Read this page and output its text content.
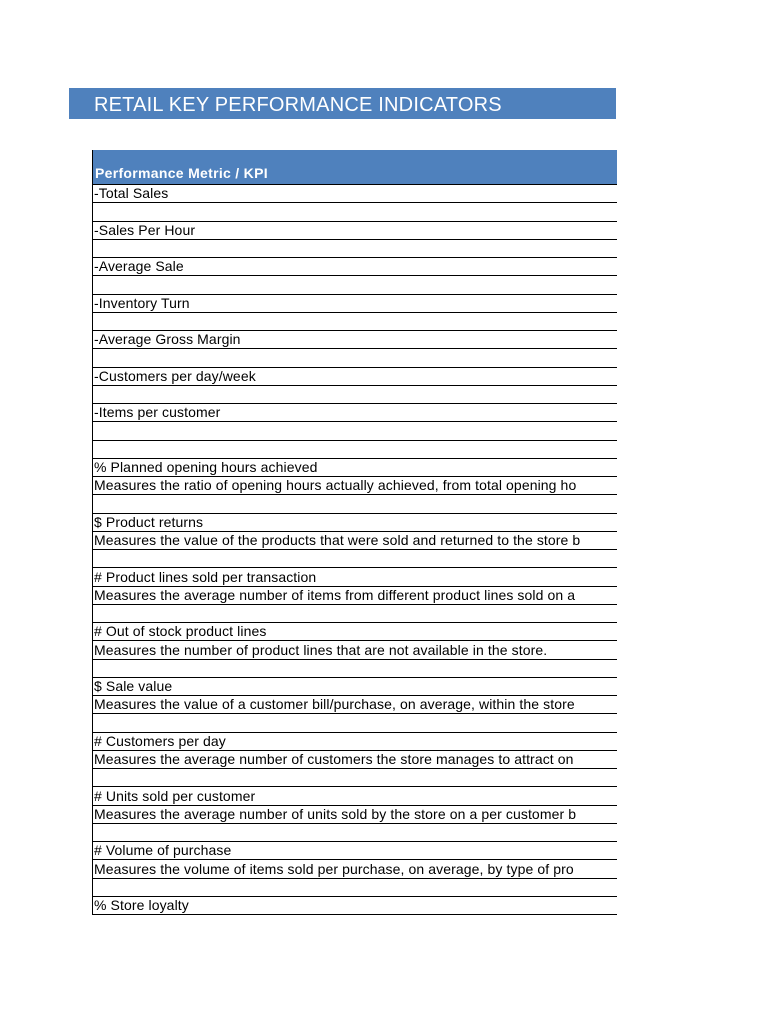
RETAIL KEY PERFORMANCE INDICATORS
Performance Metric / KPI
-Total Sales
-Sales Per Hour
-Average Sale
-Inventory Turn
-Average Gross Margin
-Customers per day/week
-Items per customer
% Planned opening hours achieved
Measures the ratio of opening hours actually achieved, from total opening ho
$ Product returns
Measures the value of the products that were sold and returned to the store b
# Product lines sold per transaction
Measures the average number of items from different product lines sold on a
# Out of stock product lines
Measures the number of product lines that are not available in the store.
$ Sale value
Measures the value of a customer bill/purchase, on average, within the store
# Customers per day
Measures the average number of customers the store manages to attract on
# Units sold per customer
Measures the average number of units sold by the store on a per customer b
# Volume of purchase
Measures the volume of items sold per purchase, on average, by type of pro
% Store loyalty
